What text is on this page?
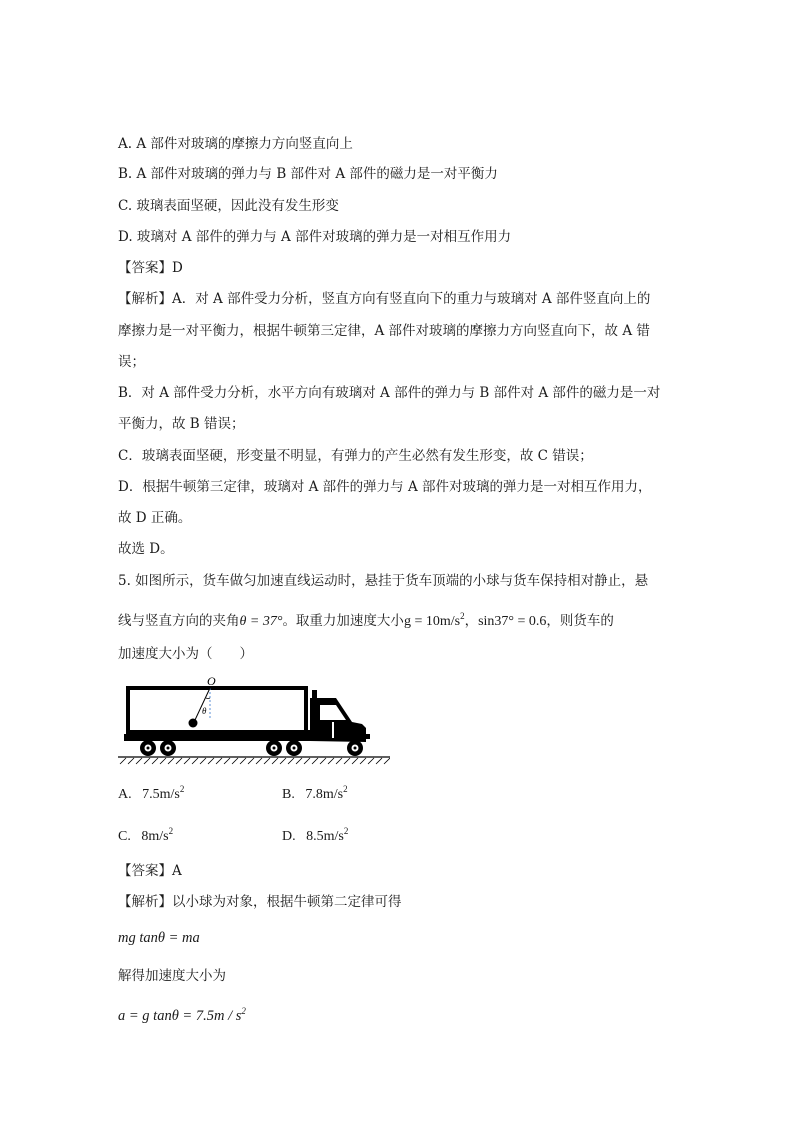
A. A 部件对玻璃的摩擦力方向竖直向上
B. A 部件对玻璃的弹力与 B 部件对 A 部件的磁力是一对平衡力
C. 玻璃表面坚硬，因此没有发生形变
D. 玻璃对 A 部件的弹力与 A 部件对玻璃的弹力是一对相互作用力
【答案】D
【解析】A．对 A 部件受力分析，竖直方向有竖直向下的重力与玻璃对 A 部件竖直向上的
摩擦力是一对平衡力，根据牛顿第三定律，A 部件对玻璃的摩擦力方向竖直向下，故 A 错
误；
B．对 A 部件受力分析，水平方向有玻璃对 A 部件的弹力与 B 部件对 A 部件的磁力是一对
平衡力，故 B 错误；
C．玻璃表面坚硬，形变量不明显，有弹力的产生必然有发生形变，故 C 错误；
D．根据牛顿第三定律，玻璃对 A 部件的弹力与 A 部件对玻璃的弹力是一对相互作用力，
故 D 正确。
故选 D。
5. 如图所示，货车做匀加速直线运动时，悬挂于货车顶端的小球与货车保持相对静止，悬
线与竖直方向的夹角θ = 37°。取重力加速度大小$g = 10m/s^2$，sin37° = 0.6，则货车的
加速度大小为（　　）
O
θ
A. $7.5m/s^2$	B. $7.8m/s^2$
C. $8m/s^2$	D. $8.5m/s^2$
【答案】A
【解析】以小球为对象，根据牛顿第二定律可得
mg tanθ = ma
解得加速度大小为
a = g $\tan\theta = 7.5m / s^2$
